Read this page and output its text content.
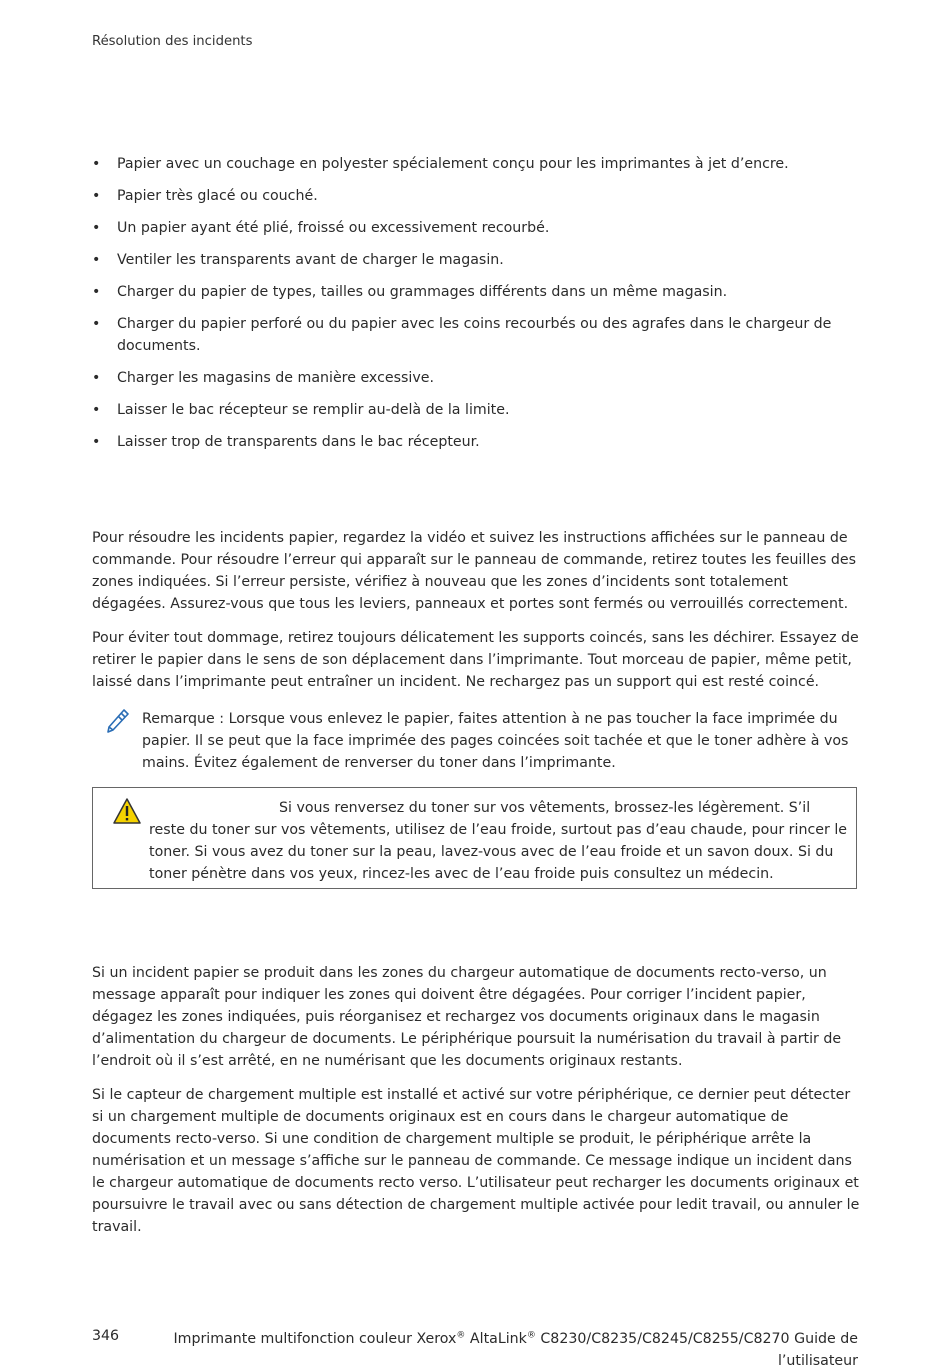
Résolution des incidents
• Papier avec un couchage en polyester spécialement conçu pour les imprimantes à jet d’encre.
• Papier très glacé ou couché.
• Un papier ayant été plié, froissé ou excessivement recourbé.
• Ventiler les transparents avant de charger le magasin.
• Charger du papier de types, tailles ou grammages différents dans un même magasin.
• Charger du papier perforé ou du papier avec les coins recourbés ou des agrafes dans le chargeur de documents.
• Charger les magasins de manière excessive.
• Laisser le bac récepteur se remplir au-delà de la limite.
• Laisser trop de transparents dans le bac récepteur.

Pour résoudre les incidents papier, regardez la vidéo et suivez les instructions affichées sur le panneau de commande. Pour résoudre l’erreur qui apparaît sur le panneau de commande, retirez toutes les feuilles des zones indiquées. Si l’erreur persiste, vérifiez à nouveau que les zones d’incidents sont totalement dégagées. Assurez-vous que tous les leviers, panneaux et portes sont fermés ou verrouillés correctement.

Pour éviter tout dommage, retirez toujours délicatement les supports coincés, sans les déchirer. Essayez de retirer le papier dans le sens de son déplacement dans l’imprimante. Tout morceau de papier, même petit, laissé dans l’imprimante peut entraîner un incident. Ne rechargez pas un support qui est resté coincé.

Remarque : Lorsque vous enlevez le papier, faites attention à ne pas toucher la face imprimée du papier. Il se peut que la face imprimée des pages coincées soit tachée et que le toner adhère à vos mains. Évitez également de renverser du toner dans l’imprimante.
Si vous renversez du toner sur vos vêtements, brossez-les légèrement. S’il reste du toner sur vos vêtements, utilisez de l’eau froide, surtout pas d’eau chaude, pour rincer le toner. Si vous avez du toner sur la peau, lavez-vous avec de l’eau froide et un savon doux. Si du toner pénètre dans vos yeux, rincez-les avec de l’eau froide puis consultez un médecin.

Si un incident papier se produit dans les zones du chargeur automatique de documents recto-verso, un message apparaît pour indiquer les zones qui doivent être dégagées. Pour corriger l’incident papier, dégagez les zones indiquées, puis réorganisez et rechargez vos documents originaux dans le magasin d’alimentation du chargeur de documents. Le périphérique poursuit la numérisation du travail à partir de l’endroit où il s’est arrêté, en ne numérisant que les documents originaux restants.

Si le capteur de chargement multiple est installé et activé sur votre périphérique, ce dernier peut détecter si un chargement multiple de documents originaux est en cours dans le chargeur automatique de documents recto-verso. Si une condition de chargement multiple se produit, le périphérique arrête la numérisation et un message s’affiche sur le panneau de commande. Ce message indique un incident dans le chargeur automatique de documents recto verso. L’utilisateur peut recharger les documents originaux et poursuivre le travail avec ou sans détection de chargement multiple activée pour ledit travail, ou annuler le travail.

346	Imprimante multifonction couleur Xerox® AltaLink® C8230/C8235/C8245/C8255/C8270 Guide de l’utilisateur
